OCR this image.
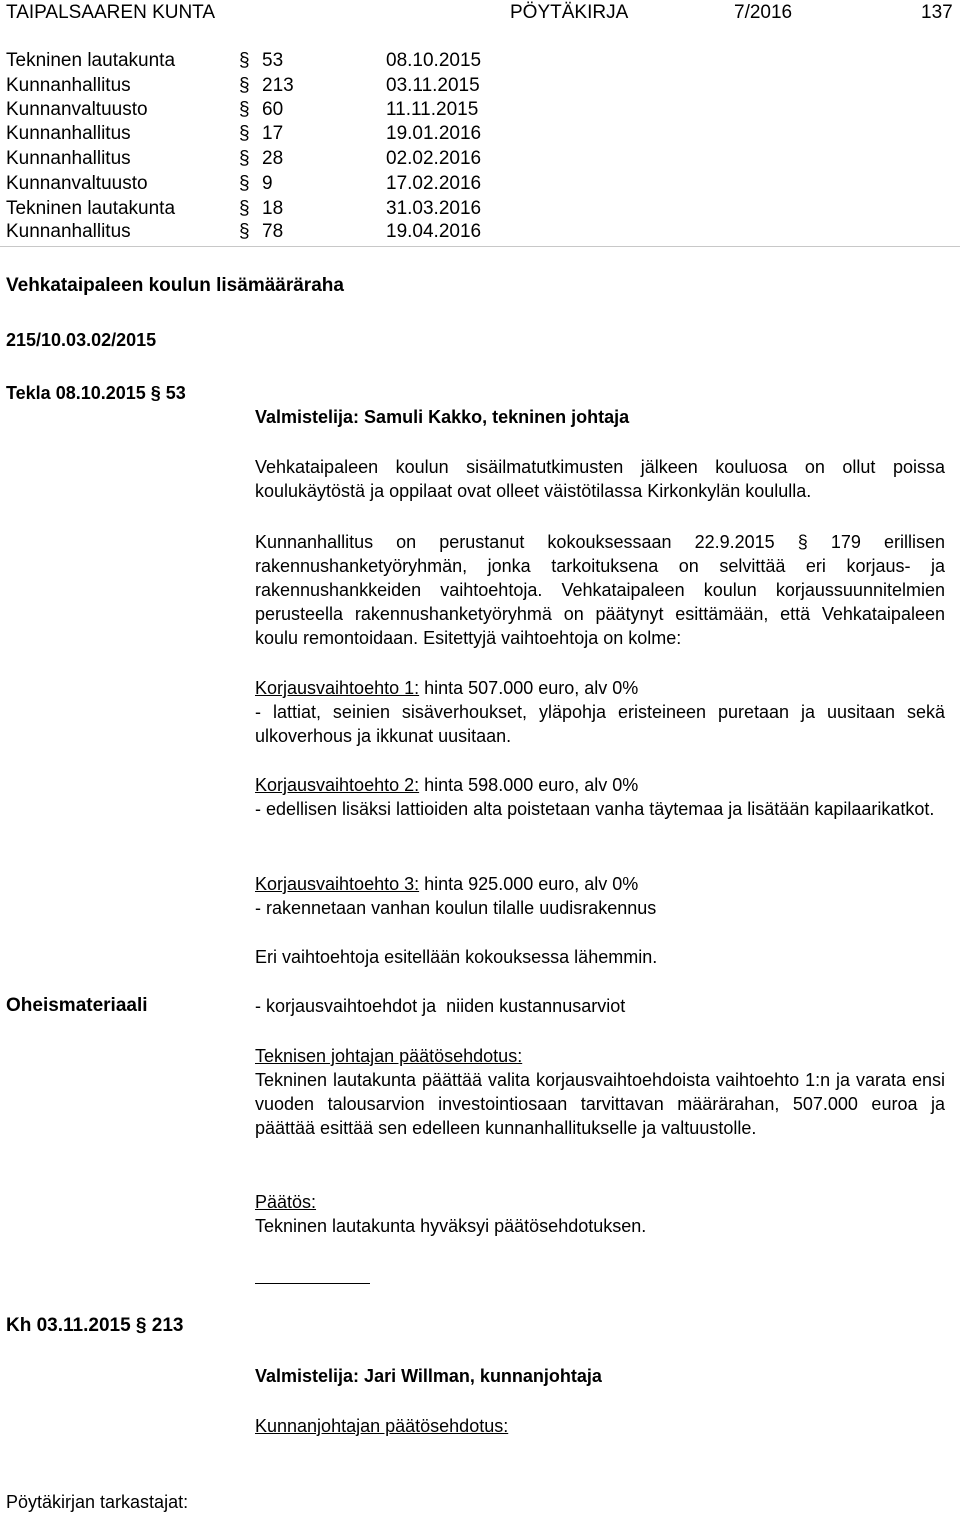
TAIPALSAAREN KUNTA	PÖYTÄKIRJA	7/2016	137
Tekninen lautakunta	§ 53	08.10.2015
Kunnanhallitus	§ 213	03.11.2015
Kunnanvaltuusto	§ 60	11.11.2015
Kunnanhallitus	§ 17	19.01.2016
Kunnanhallitus	§ 28	02.02.2016
Kunnanvaltuusto	§ 9	17.02.2016
Tekninen lautakunta	§ 18	31.03.2016
Kunnanhallitus	§ 78	19.04.2016
Vehkataipaleen koulun lisämääräraha
215/10.03.02/2015
Tekla 08.10.2015 § 53
Valmistelija: Samuli Kakko, tekninen johtaja

Vehkataipaleen koulun sisäilmatutkimusten jälkeen kouluosa on ollut poissa koulukäytöstä ja oppilaat ovat olleet väistötilassa Kirkonkylän koululla.

Kunnanhallitus on perustanut kokouksessaan 22.9.2015 § 179 erillisen rakennushanketyöryhmän, jonka tarkoituksena on selvittää eri korjaus- ja rakennushankkeiden vaihtoehtoja. Vehkataipaleen koulun korjaussuunnitelmien perusteella rakennushanketyöryhmä on päätynyt esittämään, että Vehkataipaleen koulu remontoidaan. Esitettyjä vaihtoehtoja on kolme:

Korjausvaihtoehto 1: hinta 507.000 euro, alv 0%

- lattiat, seinien sisäverhoukset, yläpohja eristeineen puretaan ja uusitaan sekä ulkoverhous ja ikkunat uusitaan.

Korjausvaihtoehto 2: hinta 598.000 euro, alv 0%

- edellisen lisäksi lattioiden alta poistetaan vanha täytemaa ja lisätään kapilaarikatkot.

Korjausvaihtoehto 3: hinta 925.000 euro, alv 0%

- rakennetaan vanhan koulun tilalle uudisrakennus

Eri vaihtoehtoja esitellään kokouksessa lähemmin.
Oheismateriaali	- korjausvaihtoehdot ja  niiden kustannusarviot
Teknisen johtajan päätösehdotus:

Tekninen lautakunta päättää valita korjausvaihtoehdoista vaihtoehto 1:n ja varata ensi vuoden talousarvion investointiosaan tarvittavan määrärahan, 507.000 euroa ja päättää esittää sen edelleen kunnanhallitukselle ja valtuustolle.

Päätös:
Tekninen lautakunta hyväksyi päätösehdotuksen.
Kh 03.11.2015 § 213
Valmistelija: Jari Willman, kunnanjohtaja
Kunnanjohtajan päätösehdotus:
Pöytäkirjan tarkastajat:
